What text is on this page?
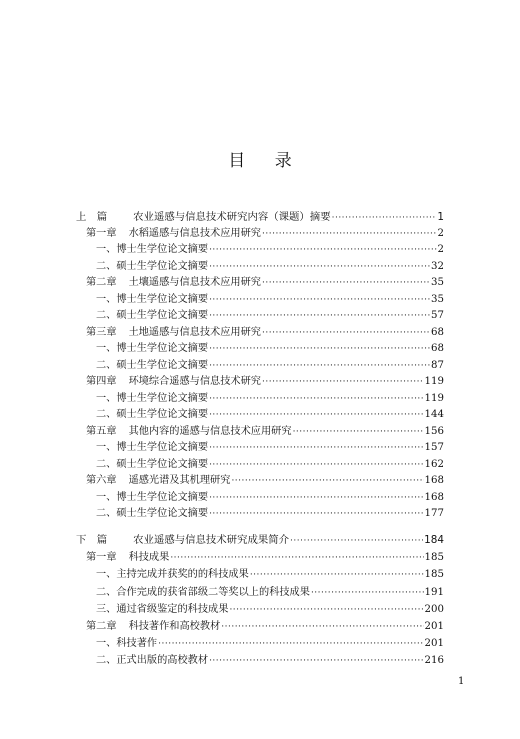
目 录
上　篇	农业遥感与信息技术研究内容（课题）摘要 ·····	1
第一章 水稻遥感与信息技术应用研究 ·····	2
一、博士生学位论文摘要 ·····	2
二、硕士生学位论文摘要 ·····	32
第二章 土壤遥感与信息技术应用研究 ·····	35
一、博士生学位论文摘要 ·····	35
二、硕士生学位论文摘要 ·····	57
第三章 土地遥感与信息技术应用研究 ·····	68
一、博士生学位论文摘要 ·····	68
二、硕士生学位论文摘要 ·····	87
第四章 环境综合遥感与信息技术研究 ·····	119
一、博士生学位论文摘要 ·····	119
二、硕士生学位论文摘要 ·····	144
第五章 其他内容的遥感与信息技术应用研究 ·····	156
一、博士生学位论文摘要 ·····	157
二、硕士生学位论文摘要 ·····	162
第六章 遥感光谱及其机理研究 ·····	168
一、博士生学位论文摘要 ·····	168
二、硕士生学位论文摘要 ·····	177
下　篇	农业遥感与信息技术研究成果简介 ·····	184
第一章 科技成果 ·····	185
一、主持完成并获奖的的科技成果 ·····	185
二、合作完成的获省部级二等奖以上的科技成果 ·····	191
三、通过省级鉴定的科技成果 ·····	200
第二章 科技著作和高校教材 ·····	201
一、科技著作 ·····	201
二、正式出版的高校教材 ·····	216
1
